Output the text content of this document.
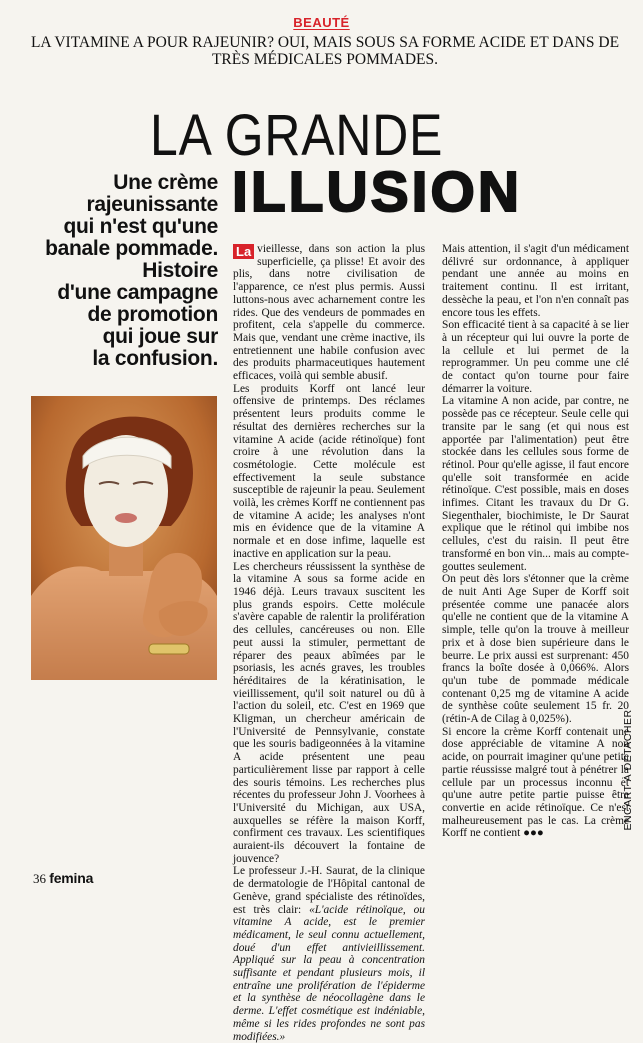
BEAUTÉ
LA VITAMINE A POUR RAJEUNIR? OUI, MAIS SOUS SA FORME ACIDE ET DANS DE TRÈS MÉDICALES POMMADES.
LA GRANDE
ILLUSION
Une crème
rajeunissante
qui n'est qu'une
banale pommade.
Histoire
d'une campagne
de promotion
qui joue sur
la confusion.

La vieillesse, dans son action la plus superficielle, ça plisse! Et avoir des plis, dans notre civilisation de l'apparence, ce n'est plus permis. Aussi luttons-nous avec acharnement contre les rides. Que des vendeurs de pommades en profitent, cela s'appelle du commerce. Mais que, vendant une crème inactive, ils entretiennent une habile confusion avec des produits pharmaceutiques hautement efficaces, voilà qui semble abusif.

Les produits Korff ont lancé leur offensive de printemps. Des réclames présentent leurs produits comme le résultat des dernières recherches sur la vitamine A acide (acide rétinoïque) font croire à une révolution dans la cosmétologie. Cette molécule est effectivement la seule substance susceptible de rajeunir la peau. Seulement voilà, les crèmes Korff ne contiennent pas de vitamine A acide; les analyses n'ont mis en évidence que de la vitamine A normale et en dose infime, laquelle est inactive en application sur la peau.

Les chercheurs réussissent la synthèse de la vitamine A sous sa forme acide en 1946 déjà. Leurs travaux suscitent les plus grands espoirs. Cette molécule s'avère capable de ralentir la prolifération des cellules, cancéreuses ou non. Elle peut aussi la stimuler, permettant de réparer des peaux abîmées par le psoriasis, les acnés graves, les troubles héréditaires de la kératinisation, le vieillissement, qu'il soit naturel ou dû à l'action du soleil, etc. C'est en 1969 que Kligman, un chercheur américain de l'Université de Pennsylvanie, constate que les souris badigeonnées à la vitamine A acide présentent une peau particulièrement lisse par rapport à celle des souris témoins. Les recherches plus récentes du professeur John J. Voorhees à l'Université du Michigan, aux USA, auxquelles se réfère la maison Korff, confirment ces travaux. Les scientifiques auraient-ils découvert la fontaine de jouvence?

Le professeur J.-H. Saurat, de la clinique de dermatologie de l'Hôpital cantonal de Genève, grand spécialiste des rétinoïdes, est très clair: «L'acide rétinoïque, ou vitamine A acide, est le premier médicament, le seul connu actuellement, doué d'un effet antivieillissement. Appliqué sur la peau à concentration suffisante et pendant plusieurs mois, il entraîne une prolifération de l'épiderme et la synthèse de néocollagène dans le derme. L'effet cosmétique est indéniable, même si les rides profondes ne sont pas modifiées.»

Mais attention, il s'agit d'un médicament délivré sur ordonnance, à appliquer pendant une année au moins en traitement continu. Il est irritant, dessèche la peau, et l'on n'en connaît pas encore tous les effets.

Son efficacité tient à sa capacité à se lier à un récepteur qui lui ouvre la porte de la cellule et lui permet de la reprogrammer. Un peu comme une clé de contact qu'on tourne pour faire démarrer la voiture.

La vitamine A non acide, par contre, ne possède pas ce récepteur. Seule celle qui transite par le sang (et qui nous est apportée par l'alimentation) peut être stockée dans les cellules sous forme de rétinol. Pour qu'elle agisse, il faut encore qu'elle soit transformée en acide rétinoïque. C'est possible, mais en doses infimes. Citant les travaux du Dr G. Siegenthaler, biochimiste, le Dr Saurat explique que le rétinol qui imbibe nos cellules, c'est du raisin. Il peut être transformé en bon vin... mais au compte-gouttes seulement.

On peut dès lors s'étonner que la crème de nuit Anti Age Super de Korff soit présentée comme une panacée alors qu'elle ne contient que de la vitamine A simple, telle qu'on la trouve à meilleur prix et à dose bien supérieure dans le beurre. Le prix aussi est surprenant: 450 francs la boîte dosée à 0,066%. Alors qu'un tube de pommade médicale contenant 0,25 mg de vitamine A acide de synthèse coûte seulement 15 fr. 20 (rétin-A de Cilag à 0,025%).

Si encore la crème Korff contenait une dose appréciable de vitamine A non acide, on pourrait imaginer qu'une petite partie réussisse malgré tout à pénétrer la cellule par un processus inconnu et qu'une autre petite partie puisse être convertie en acide rétinoïque. Ce n'est malheureusement pas le cas. La crème Korff ne contient ●●●

36 femina
ENCART À DÉTACHER
